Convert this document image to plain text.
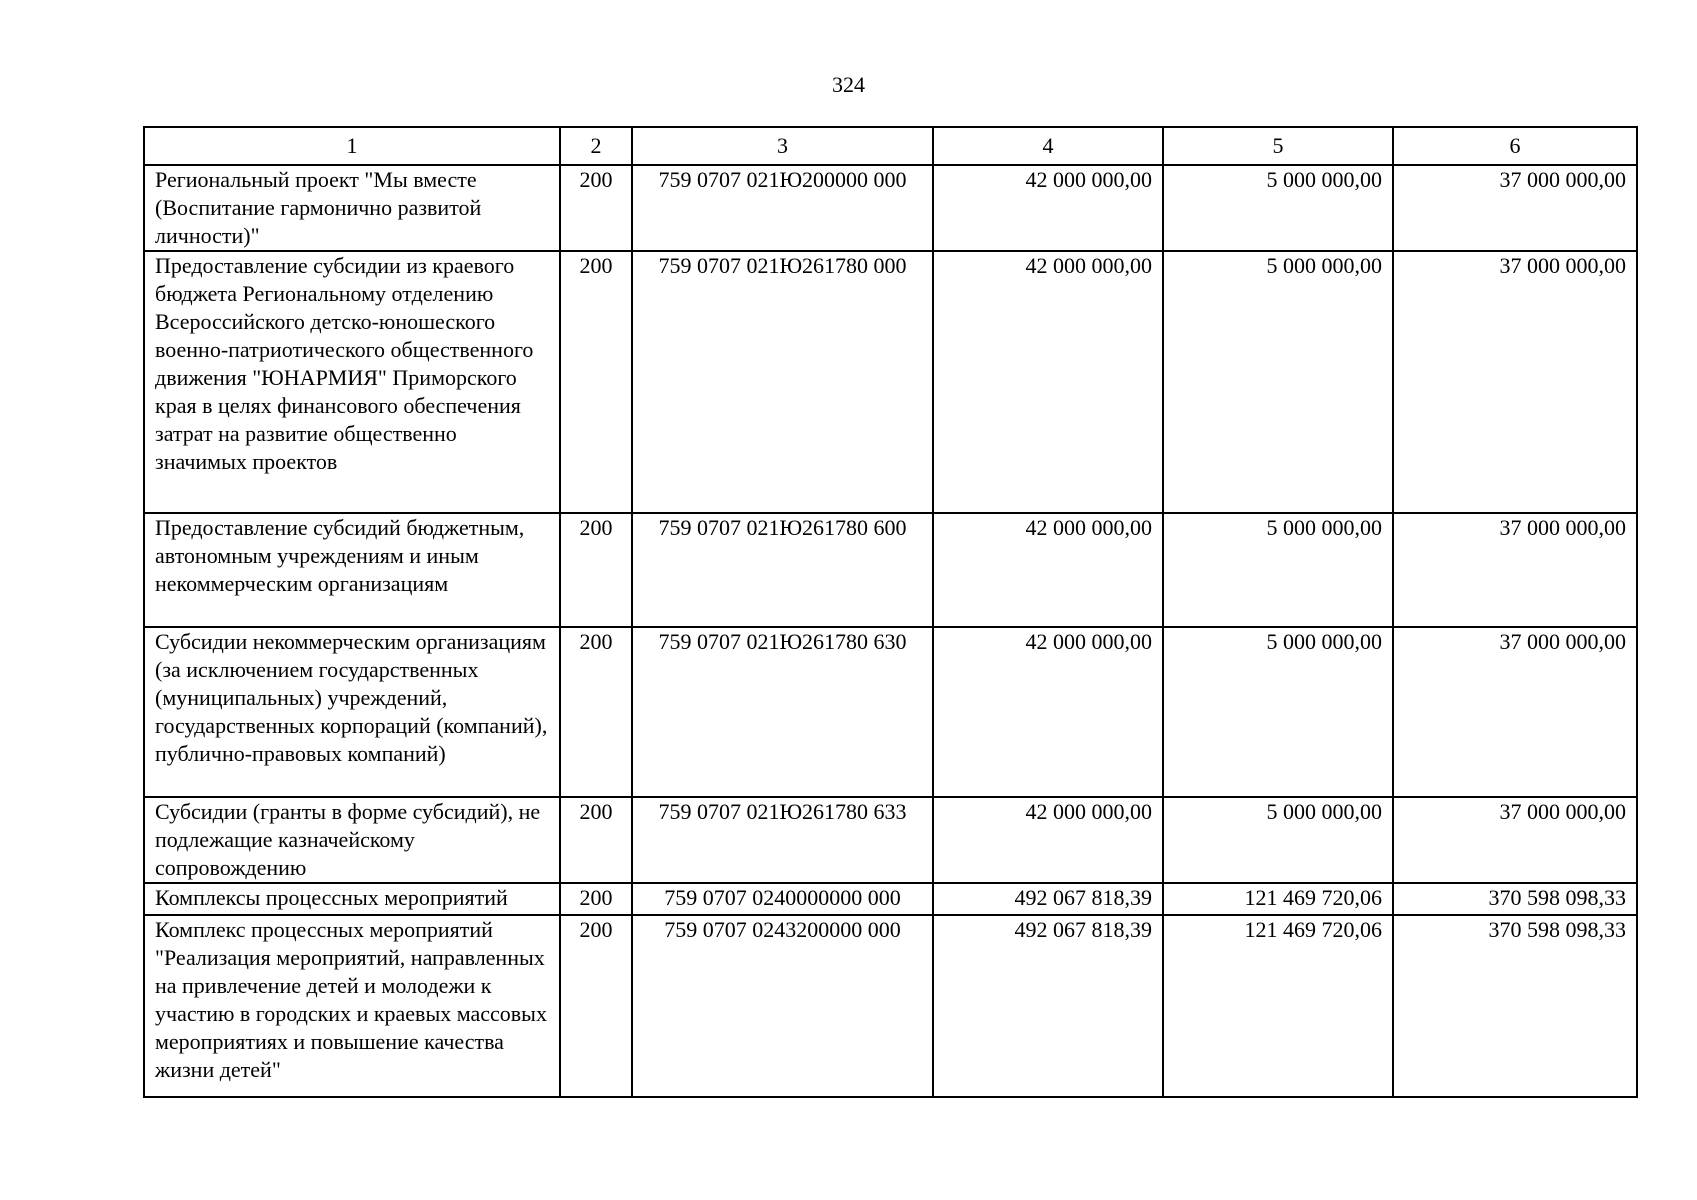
324
1	2	3	4	5	6
Региональный проект "Мы вместе (Воспитание гармонично развитой личности)"	200	759 0707 021Ю200000 000	42 000 000,00	5 000 000,00	37 000 000,00
Предоставление субсидии из краевого бюджета Региональному отделению Всероссийского детско-юношеского военно-патриотического общественного движения "ЮНАРМИЯ" Приморского края в целях финансового обеспечения затрат на развитие общественно значимых проектов	200	759 0707 021Ю261780 000	42 000 000,00	5 000 000,00	37 000 000,00
Предоставление субсидий бюджетным, автономным учреждениям и иным некоммерческим организациям	200	759 0707 021Ю261780 600	42 000 000,00	5 000 000,00	37 000 000,00
Субсидии некоммерческим организациям (за исключением государственных (муниципальных) учреждений, государственных корпораций (компаний), публично-правовых компаний)	200	759 0707 021Ю261780 630	42 000 000,00	5 000 000,00	37 000 000,00
Субсидии (гранты в форме субсидий), не подлежащие казначейскому сопровождению	200	759 0707 021Ю261780 633	42 000 000,00	5 000 000,00	37 000 000,00
Комплексы процессных мероприятий	200	759 0707 0240000000 000	492 067 818,39	121 469 720,06	370 598 098,33
Комплекс процессных мероприятий "Реализация мероприятий, направленных на привлечение детей и молодежи к участию в городских и краевых массовых мероприятиях и повышение качества жизни детей"	200	759 0707 0243200000 000	492 067 818,39	121 469 720,06	370 598 098,33
